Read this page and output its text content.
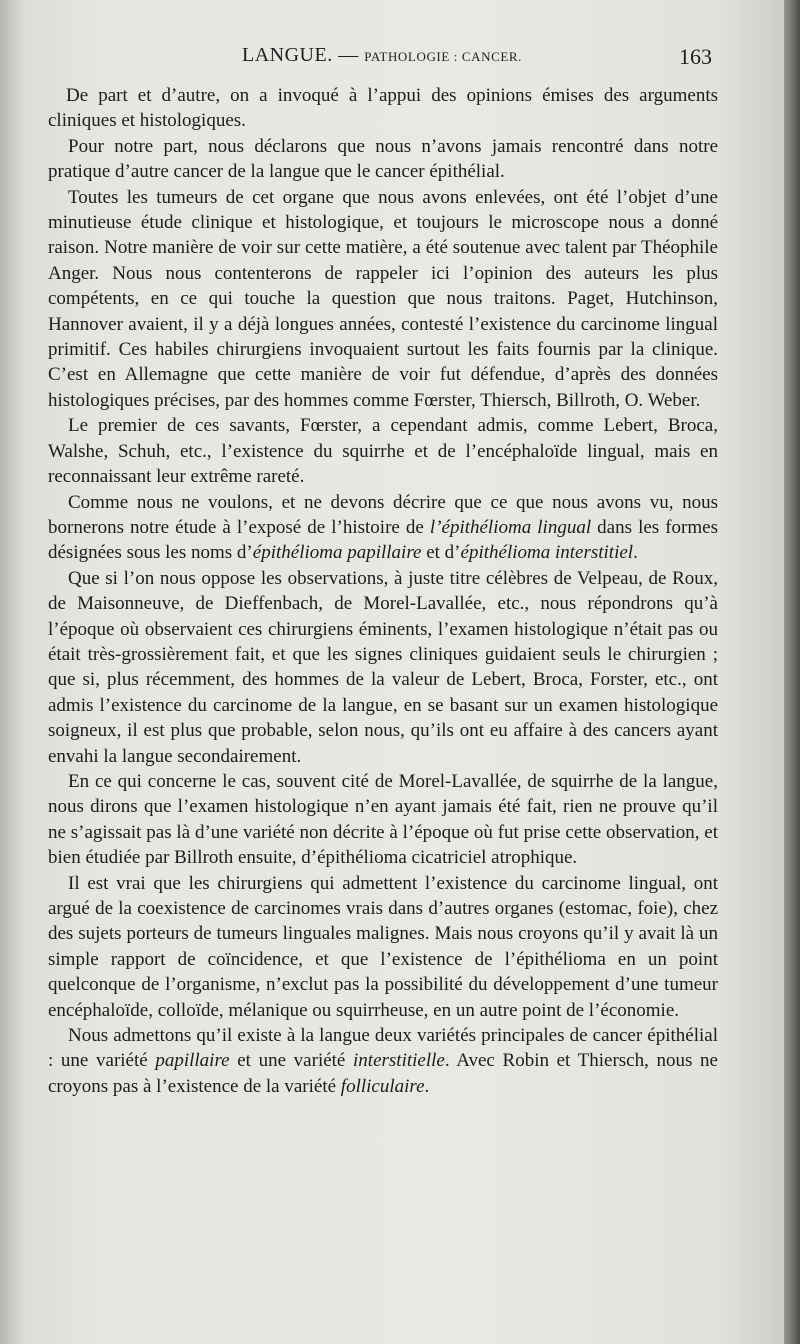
LANGUE. — PATHOLOGIE : CANCER.	163

De part et d’autre, on a invoqué à l’appui des opinions émises des arguments cliniques et histologiques.

Pour notre part, nous déclarons que nous n’avons jamais rencontré dans notre pratique d’autre cancer de la langue que le cancer épithélial.

Toutes les tumeurs de cet organe que nous avons enlevées, ont été l’objet d’une minutieuse étude clinique et histologique, et toujours le microscope nous a donné raison. Notre manière de voir sur cette matière, a été soutenue avec talent par Théophile Anger. Nous nous contenterons de rappeler ici l’opinion des auteurs les plus compétents, en ce qui touche la question que nous traitons. Paget, Hutchinson, Hannover avaient, il y a déjà longues années, contesté l’existence du carcinome lingual primitif. Ces habiles chirurgiens invoquaient surtout les faits fournis par la clinique. C’est en Allemagne que cette manière de voir fut défendue, d’après des données histologiques précises, par des hommes comme Fœrster, Thiersch, Billroth, O. Weber.

Le premier de ces savants, Fœrster, a cependant admis, comme Lebert, Broca, Walshe, Schuh, etc., l’existence du squirrhe et de l’encéphaloïde lingual, mais en reconnaissant leur extrême rareté.

Comme nous ne voulons, et ne devons décrire que ce que nous avons vu, nous bornerons notre étude à l’exposé de l’histoire de l’épithélioma lingual dans les formes désignées sous les noms d’épithélioma papillaire et d’épithélioma interstitiel.

Que si l’on nous oppose les observations, à juste titre célèbres de Velpeau, de Roux, de Maisonneuve, de Dieffenbach, de Morel-Lavallée, etc., nous répondrons qu’à l’époque où observaient ces chirurgiens éminents, l’examen histologique n’était pas ou était très-grossièrement fait, et que les signes cliniques guidaient seuls le chirurgien ; que si, plus récemment, des hommes de la valeur de Lebert, Broca, Forster, etc., ont admis l’existence du carcinome de la langue, en se basant sur un examen histologique soigneux, il est plus que probable, selon nous, qu’ils ont eu affaire à des cancers ayant envahi la langue secondairement.

En ce qui concerne le cas, souvent cité de Morel-Lavallée, de squirrhe de la langue, nous dirons que l’examen histologique n’en ayant jamais été fait, rien ne prouve qu’il ne s’agissait pas là d’une variété non décrite à l’époque où fut prise cette observation, et bien étudiée par Billroth ensuite, d’épithélioma cicatriciel atrophique.

Il est vrai que les chirurgiens qui admettent l’existence du carcinome lingual, ont argué de la coexistence de carcinomes vrais dans d’autres organes (estomac, foie), chez des sujets porteurs de tumeurs linguales malignes. Mais nous croyons qu’il y avait là un simple rapport de coïncidence, et que l’existence de l’épithélioma en un point quelconque de l’organisme, n’exclut pas la possibilité du développement d’une tumeur encéphaloïde, colloïde, mélanique ou squirrheuse, en un autre point de l’économie.

Nous admettons qu’il existe à la langue deux variétés principales de cancer épithélial : une variété papillaire et une variété interstitielle. Avec Robin et Thiersch, nous ne croyons pas à l’existence de la variété folliculaire.
